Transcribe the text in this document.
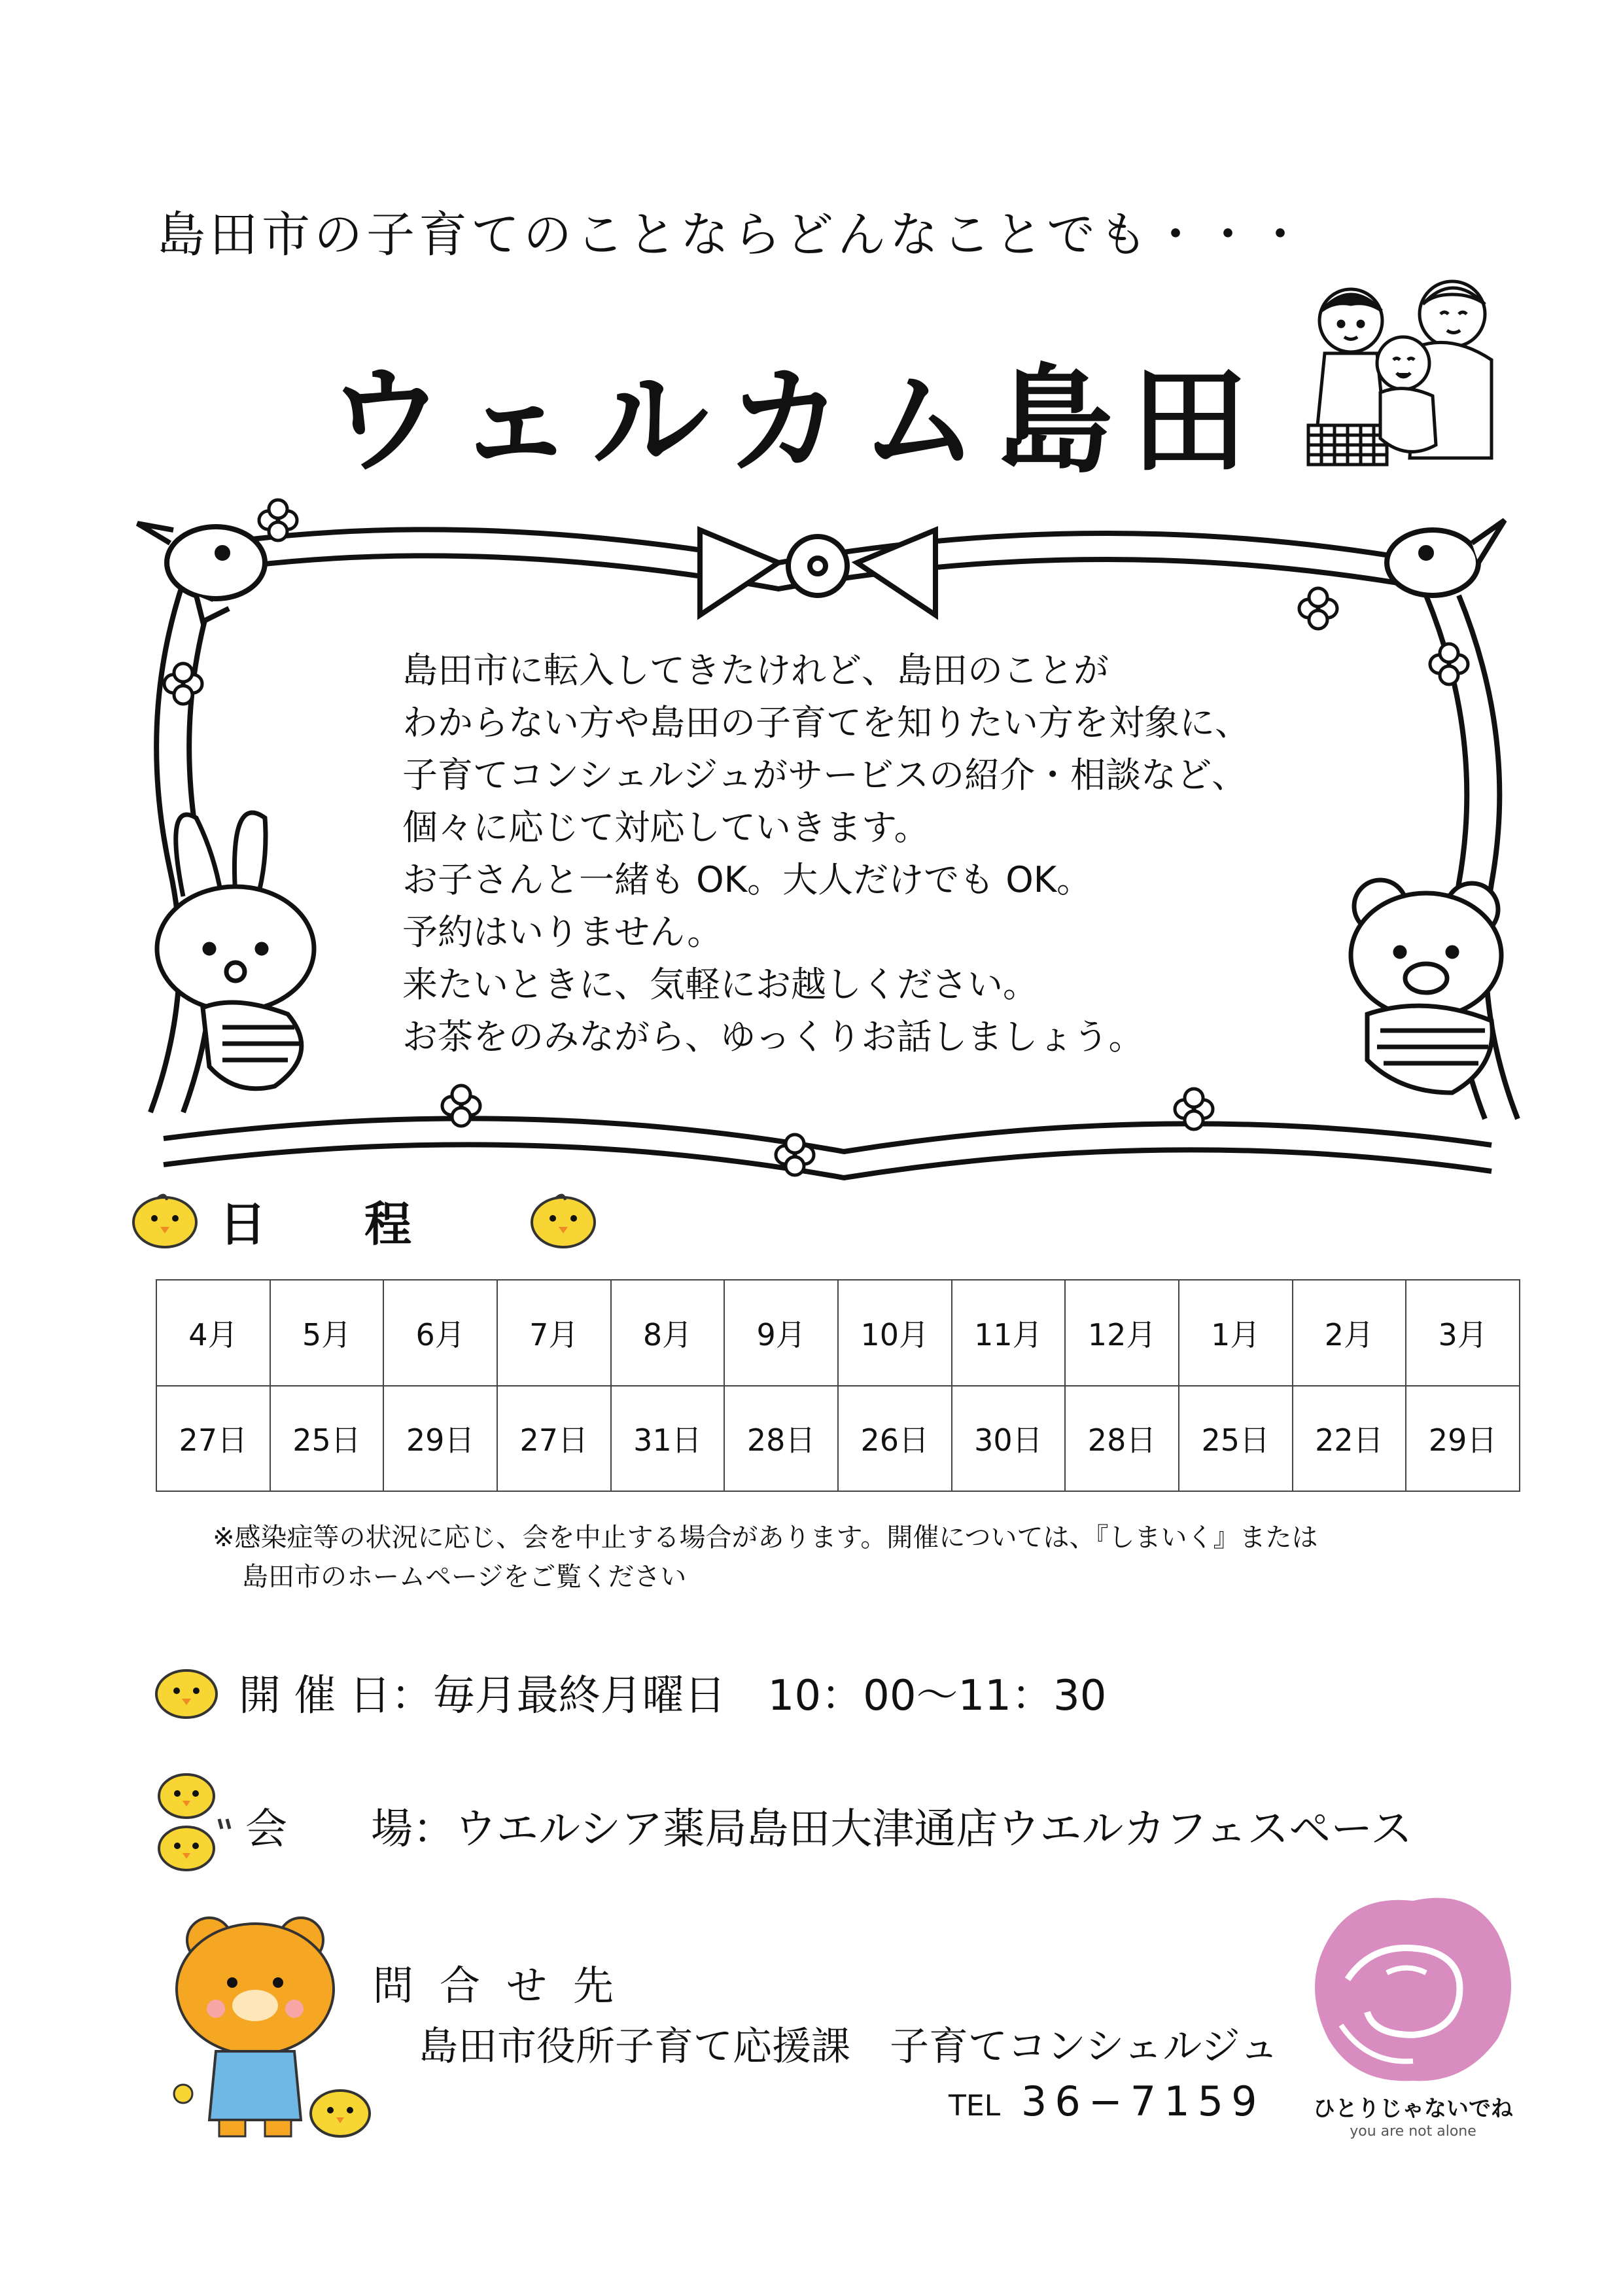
島田市の子育てのことならどんなことでも・・・
ウェルカム島田
島田市に転入してきたけれど、島田のことが
わからない方や島田の子育てを知りたい方を対象に、
子育てコンシェルジュがサービスの紹介・相談など、
個々に応じて対応していきます。
お子さんと一緒も OK。大人だけでも OK。
予約はいりません。
来たいときに、気軽にお越しください。
お茶をのみながら、ゆっくりお話しましょう。
日程
4月	5月	6月	7月	8月	9月	10月	11月	12月	1月	2月	3月
27日	25日	29日	27日	31日	28日	26日	30日	28日	25日	22日	29日
※感染症等の状況に応じ、会を中止する場合があります。開催については、『しまいく』または
島田市のホームページをご覧ください
開 催 日： 毎月最終月曜日　10：00〜11：30
会　　場： ウエルシア薬局島田大津通店ウエルカフェスペース
問合せ先
島田市役所子育て応援課　子育てコンシェルジュ
TEL 36−7159	ひとりじゃないでね
you are not alone
